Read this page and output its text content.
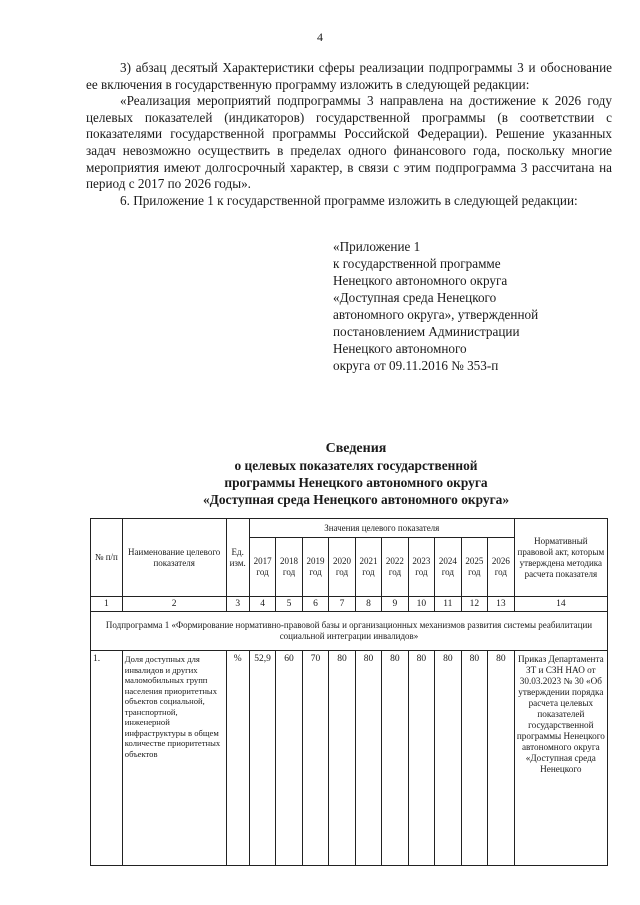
4

3) абзац десятый Характеристики сферы реализации подпрограммы 3 и обоснование ее включения в государственную программу изложить в следующей редакции:

«Реализация мероприятий подпрограммы 3 направлена на достижение к 2026 году целевых показателей (индикаторов) государственной программы (в соответствии с показателями государственной программы Российской Федерации). Решение указанных задач невозможно осуществить в пределах одного финансового года, поскольку многие мероприятия имеют долгосрочный характер, в связи с этим подпрограмма 3 рассчитана на период с 2017 по 2026 годы».

6. Приложение 1 к государственной программе изложить в следующей редакции:

«Приложение 1
к государственной программе
Ненецкого автономного округа
«Доступная среда Ненецкого
автономного округа», утвержденной
постановлением Администрации
Ненецкого автономного
округа от 09.11.2016 № 353-п
Сведения
о целевых показателях государственной
программы Ненецкого автономного округа
«Доступная среда Ненецкого автономного округа»
№ п/п	Наименование целевого показателя	Ед. изм.	Значения целевого показателя										Нормативный правовой акт, которым утверждена методика расчета показателя
			2017 год	2018 год	2019 год	2020 год	2021 год	2022 год	2023 год	2024 год	2025 год	2026 год	
1	2	3	4	5	6	7	8	9	10	11	12	13	14
Подпрограмма 1 «Формирование нормативно-правовой базы и организационных механизмов развития системы реабилитации социальной интеграции инвалидов»													
1.	Доля доступных для инвалидов и других маломобильных групп населения приоритетных объектов социальной, транспортной, инженерной инфраструктуры в общем количестве приоритетных объектов	%	52,9	60	70	80	80	80	80	80	80	80	Приказ Департамента ЗТ и СЗН НАО от 30.03.2023 № 30 «Об утверждении порядка расчета целевых показателей государственной программы Ненецкого автономного округа «Доступная среда Ненецкого
